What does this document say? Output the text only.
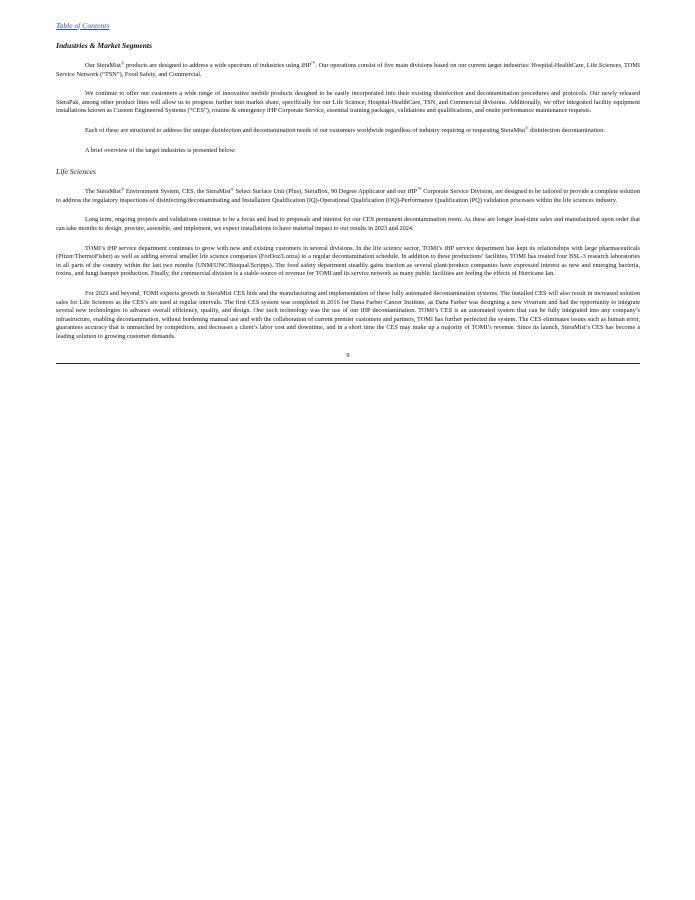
Table of Contents
Industries & Market Segments

Our SteraMist® products are designed to address a wide spectrum of industries using iHP™. Our operations consist of five main divisions based on our current target industries: Hospital-HealthCare, Life Sciences, TOMI Service Network (“TSN”), Food Safety, and Commercial.

We continue to offer our customers a wide range of innovative mobile products designed to be easily incorporated into their existing disinfection and decontamination procedures and protocols. Our newly released SteraPak, among other product lines will allow us to progress further into market share, specifically for our Life Science, Hospital-HealthCare, TSN, and Commercial divisions. Additionally, we offer integrated facility equipment installations known as Custom Engineered Systems (“CES”), routine & emergency iHP Corporate Service, essential training packages, validations and qualifications, and onsite performance maintenance requests.

Each of these are structured to address the unique disinfection and decontamination needs of our customers worldwide regardless of industry requiring or requesting SteraMist® disinfection decontamination.

A brief overview of the target industries is presented below:

Life Sciences

The SteraMist® Environment System, CES, the SteraMist® Select Surface Unit (Plus), SteraBox, 90 Degree Applicator and our iHP™ Corporate Service Division, are designed to be tailored to provide a complete solution to address the regulatory inspections of disinfecting/decontaminating and Installation Qualification (IQ)-Operational Qualification (OQ)-Performance Qualification (PQ) validation processes within the life sciences industry.

Long term, ongoing projects and validations continue to be a focus and lead to proposals and interest for our CES permanent decontamination room. As these are longer lead-time sales and manufactured upon order that can take months to design, procure, assemble, and implement, we expect installations to have material impact to our results in 2023 and 2024.

TOMI’s iHP service department continues to grow with new and existing customers in several divisions. In the life science sector, TOMI’s iHP service department has kept its relationships with large pharmaceuticals (Pfizer/ThermoFisher) as well as adding several smaller life science companies (ForDoz/Lonza) to a regular decontamination schedule. In addition to these productions’ facilities, TOMI has treated four BSL-3 research laboratories in all parts of the country within the last two months (UNM/UNC/Bioqual/Scripps). The food safety department steadily gains traction as several plant/produce companies have expressed interest as new and emerging bacteria, toxins, and fungi hamper production. Finally, the commercial division is a stable source of revenue for TOMI and its service network as many public facilities are feeling the effects of Hurricane Ian.

For 2023 and beyond, TOMI expects growth in SteraMist CES bids and the manufacturing and implementation of these fully automated decontamination systems. The installed CES will also result in increased solution sales for Life Sciences as the CES’s are used at regular intervals. The first CES system was completed in 2016 for Dana Farber Cancer Institute, as Dana Farber was designing a new vivarium and had the opportunity to integrate several new technologies to advance overall efficiency, quality, and design. One such technology was the use of our iHP decontamination. TOMI’s CES is an automated system that can be fully integrated into any company’s infrastructure, enabling decontamination, without burdening manual use and with the collaboration of current premier customers and partners, TOMI has further perfected the system. The CES eliminates issues such as human error, guarantees accuracy that is unmatched by competitors, and decreases a client’s labor cost and downtime, and in a short time the CES may make up a majority of TOMI’s revenue. Since its launch, SteraMist’s CES has become a leading solution to growing customer demands.

9
